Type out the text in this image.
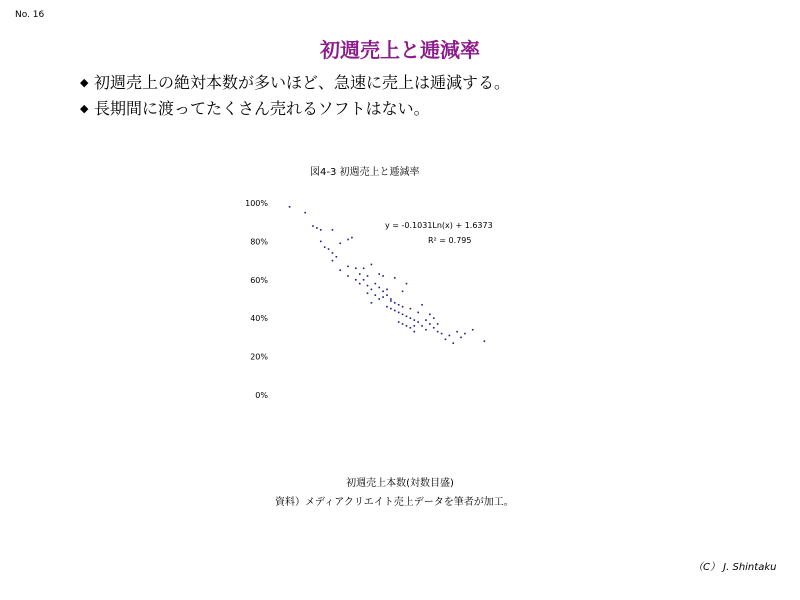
No. 16
初週売上と逓減率
◆ 初週売上の絶対本数が多いほど、急速に売上は逓減する。
◆ 長期間に渡ってたくさん売れるソフトはない。
図4-3 初週売上と逓減率
100%
80%
60%
40%
20%
0%
y = -0.1031Ln(x) + 1.6373
R² = 0.795
初週売上本数(対数目盛)
資料）メディアクリエイト売上データを筆者が加工。
（C） J. Shintaku
